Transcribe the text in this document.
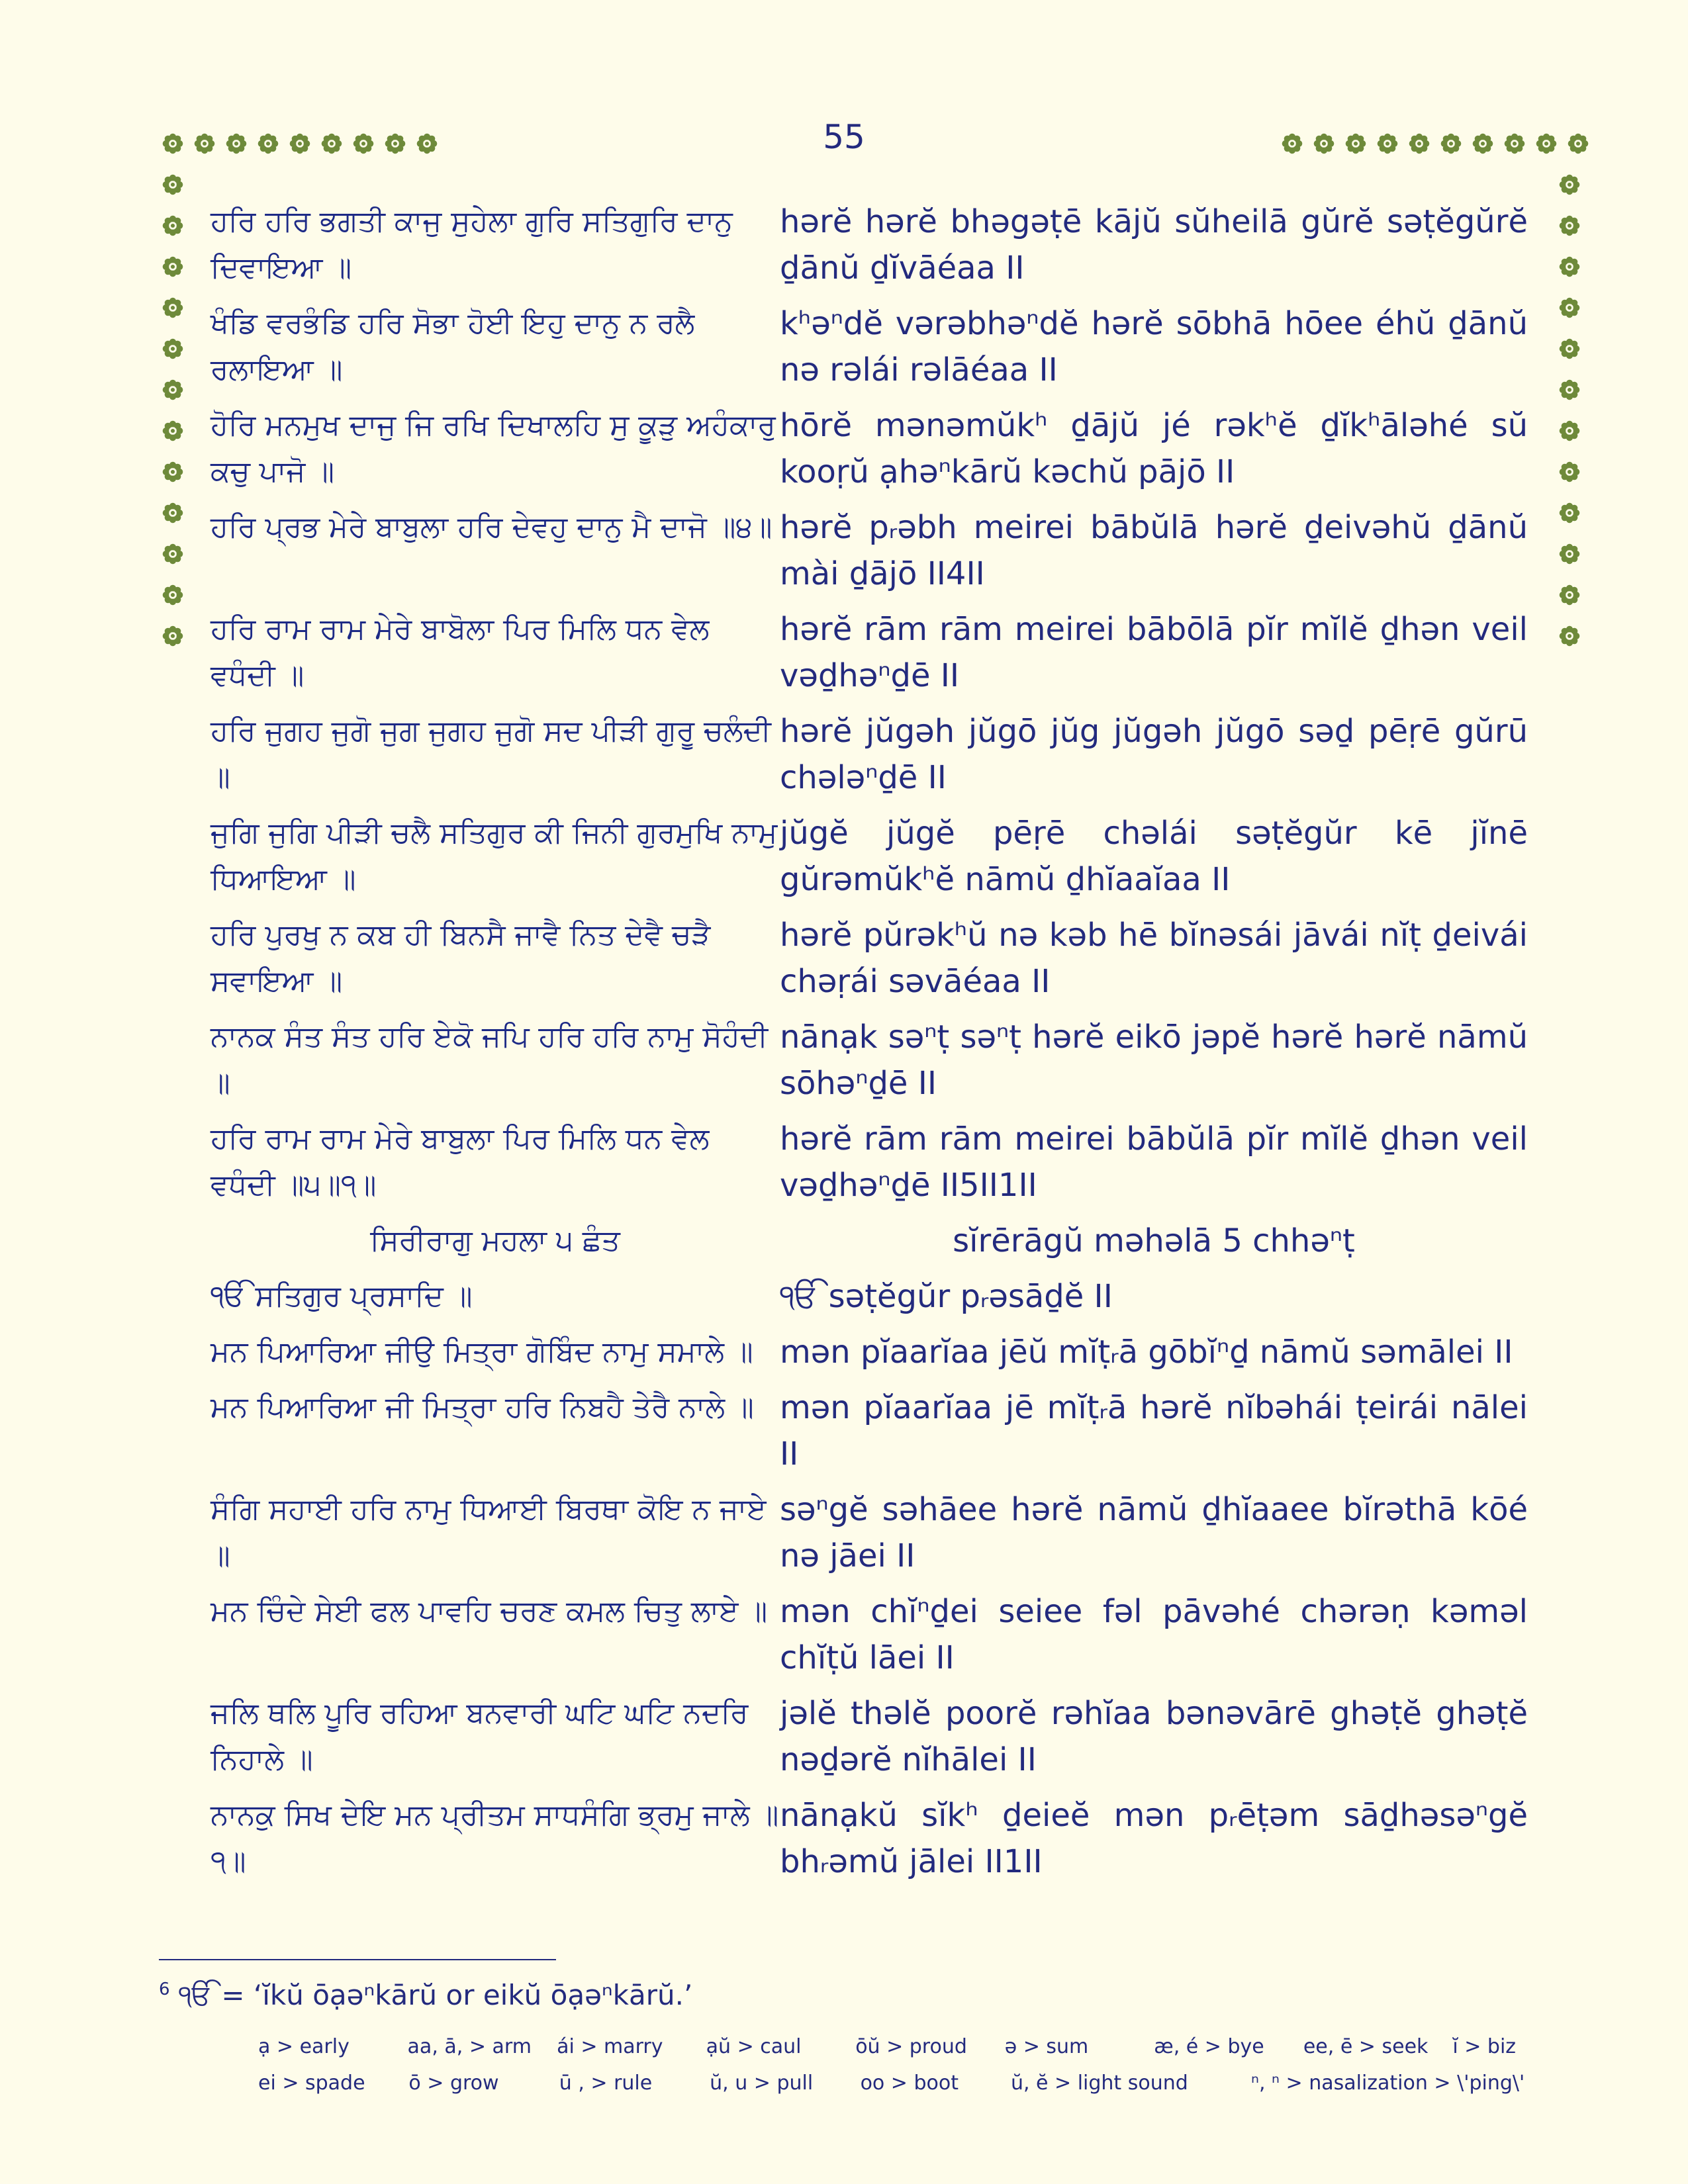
55
ਹਰਿ ਹਰਿ ਭਗਤੀ ਕਾਜੁ ਸੁਹੇਲਾ ਗੁਰਿ ਸਤਿਗੁਰਿ ਦਾਨੁ ਦਿਵਾਇਆ ॥
hərĕ hərĕ bhəgəṭē kājŭ sŭheilā gŭrĕ səṭĕgŭrĕ ḏānŭ ḏĭvāéaa II
ਖੰਡਿ ਵਰਭੰਡਿ ਹਰਿ ਸੋਭਾ ਹੋਈ ਇਹੁ ਦਾਨੁ ਨ ਰਲੈ ਰਲਾਇਆ ॥
kʰəⁿdĕ vərəbhəⁿdĕ hərĕ sōbhā hōee éhŭ ḏānŭ nə rəlái rəlāéaa II
ਹੋਰਿ ਮਨਮੁਖ ਦਾਜੁ ਜਿ ਰਖਿ ਦਿਖਾਲਹਿ ਸੁ ਕੂੜੁ ਅਹੰਕਾਰੁ ਕਚੁ ਪਾਜੋ ॥
hōrĕ mənəmŭkʰ ḏājŭ jé rəkʰĕ ḏĭkʰāləhé sŭ kooṛŭ ạhəⁿkārŭ kəchŭ pājō II
ਹਰਿ ਪ੍ਰਭ ਮੇਰੇ ਬਾਬੁਲਾ ਹਰਿ ਦੇਵਹੁ ਦਾਨੁ ਮੈ ਦਾਜੋ ॥੪॥ hərĕ pᵣəbh meirei bābŭlā hərĕ ḏeivəhŭ ḏānŭ mài ḏājō II4II
ਹਰਿ ਰਾਮ ਰਾਮ ਮੇਰੇ ਬਾਬੋਲਾ ਪਿਰ ਮਿਲਿ ਧਨ ਵੇਲ ਵਧੰਦੀ ॥
hərĕ rām rām meirei bābōlā pĭr mĭlĕ ḏhən veil vəḏhəⁿḏē II
ਹਰਿ ਜੁਗਹ ਜੁਗੋ ਜੁਗ ਜੁਗਹ ਜੁਗੋ ਸਦ ਪੀੜੀ ਗੁਰੂ ਚਲੰਦੀ ॥
hərĕ jŭgəh jŭgō jŭg jŭgəh jŭgō səḏ pēṛē gŭrū chələⁿḏē II
ਜੁਗਿ ਜੁਗਿ ਪੀੜੀ ਚਲੈ ਸਤਿਗੁਰ ਕੀ ਜਿਨੀ ਗੁਰਮੁਖਿ ਨਾਮੁ ਧਿਆਇਆ ॥
jŭgĕ jŭgĕ pēṛē chəlái səṭĕgŭr kē jĭnē gŭrəmŭkʰĕ nāmŭ ḏhĭaaĭaa II
ਹਰਿ ਪੁਰਖੁ ਨ ਕਬ ਹੀ ਬਿਨਸੈ ਜਾਵੈ ਨਿਤ ਦੇਵੈ ਚੜੈ ਸਵਾਇਆ ॥
hərĕ pŭrəkʰŭ nə kəb hē bĭnəsái jāvái nĭṭ ḏeivái chəṛái səvāéaa II
ਨਾਨਕ ਸੰਤ ਸੰਤ ਹਰਿ ਏਕੋ ਜਪਿ ਹਰਿ ਹਰਿ ਨਾਮੁ ਸੋਹੰਦੀ ॥
nānạk səⁿṭ səⁿṭ hərĕ eikō jəpĕ hərĕ hərĕ nāmŭ sōhəⁿḏē II
ਹਰਿ ਰਾਮ ਰਾਮ ਮੇਰੇ ਬਾਬੁਲਾ ਪਿਰ ਮਿਲਿ ਧਨ ਵੇਲ ਵਧੰਦੀ ॥੫॥੧॥
hərĕ rām rām meirei bābŭlā pĭr mĭlĕ ḏhən veil vəḏhəⁿḏē II5II1II
ਸਿਰੀਰਾਗੁ ਮਹਲਾ ੫ ਛੰਤ	sĭrērāgŭ məhəlā 5 chhəⁿṭ
ੴ ਸਤਿਗੁਰ ਪ੍ਰਸਾਦਿ ॥	ੴ səṭĕgŭr pᵣəsāḏĕ II
ਮਨ ਪਿਆਰਿਆ ਜੀਉ ਮਿਤ੍ਰਾ ਗੋਬਿੰਦ ਨਾਮੁ ਸਮਾਲੇ ॥ mən pĭaarĭaa jēŭ mĭṭᵣā gōbĭⁿḏ nāmŭ səmālei II
ਮਨ ਪਿਆਰਿਆ ਜੀ ਮਿਤ੍ਰਾ ਹਰਿ ਨਿਬਹੈ ਤੇਰੈ ਨਾਲੇ ॥ mən pĭaarĭaa jē mĭṭᵣā hərĕ nĭbəhái ṭeirái nālei II
ਸੰਗਿ ਸਹਾਈ ਹਰਿ ਨਾਮੁ ਧਿਆਈ ਬਿਰਥਾ ਕੋਇ ਨ ਜਾਏ ॥
səⁿgĕ səhāee hərĕ nāmŭ ḏhĭaaee bĭrəthā kōé nə jāei II
ਮਨ ਚਿੰਦੇ ਸੇਈ ਫਲ ਪਾਵਹਿ ਚਰਣ ਕਮਲ ਚਿਤੁ ਲਾਏ ॥ mən chĭⁿḏei seiee fəl pāvəhé chərəṇ kəməl chĭṭŭ lāei II
ਜਲਿ ਥਲਿ ਪੂਰਿ ਰਹਿਆ ਬਨਵਾਰੀ ਘਟਿ ਘਟਿ ਨਦਰਿ ਨਿਹਾਲੇ ॥
jəlĕ thəlĕ poorĕ rəhĭaa bənəvārē ghəṭĕ ghəṭĕ nəḏərĕ nĭhālei II
ਨਾਨਕੁ ਸਿਖ ਦੇਇ ਮਨ ਪ੍ਰੀਤਮ ਸਾਧਸੰਗਿ ਭ੍ਰਮੁ ਜਾਲੇ ॥੧॥
nānạkŭ sĭkʰ ḏeieĕ mən pᵣēṭəm sāḏhəsəⁿgĕ bhᵣəmŭ jālei II1II
$^6$ ੴ = ‘ĭkŭ ōạəⁿkārŭ or eikŭ ōạəⁿkārŭ.’
ạ > early	aa, ā, > arm	ái > marry	ạŭ > caul	ōŭ > proud	ə > sum	æ, é > bye	ee, ē > seek	ĭ > biz
ei > spade	ō > grow	ū , > rule	ŭ, u > pull	oo > boot	ŭ, ĕ > light sound	ⁿ, ⁿ > nasalization > \'ping\'
